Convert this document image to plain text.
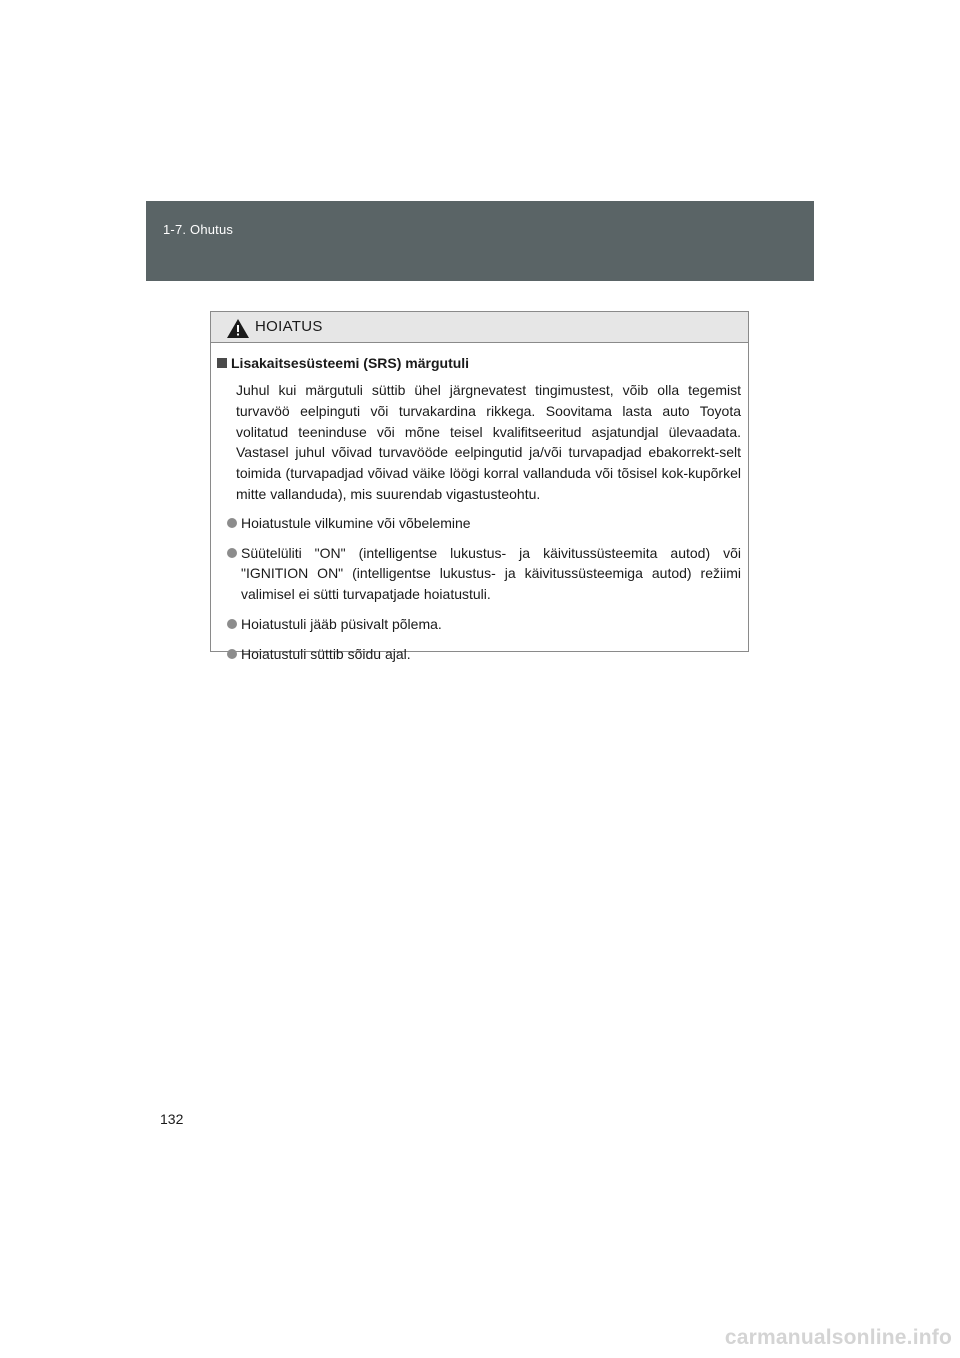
1-7. Ohutus
HOIATUS
Lisakaitsesüsteemi (SRS) märgutuli

Juhul kui märgutuli süttib ühel järgnevatest tingimustest, võib olla tegemist turvavöö eelpinguti või turvakardina rikkega. Soovitama lasta auto Toyota volitatud teeninduse või mõne teisel kvalifitseeritud asjatundjal ülevaadata. Vastasel juhul võivad turvavööde eelpingutid ja/või turvapadjad ebakorrekt-selt toimida (turvapadjad võivad väike löögi korral vallanduda või tõsisel kok-kupõrkel mitte vallanduda), mis suurendab vigastusteohtu.

Hoiatustule vilkumine või võbelemine
Süütelüliti "ON" (intelligentse lukustus- ja käivitussüsteemita autod) või "IGNITION ON" (intelligentse lukustus- ja käivitussüsteemiga autod) režiimi valimisel ei sütti turvapatjade hoiatustuli.
Hoiatustuli jääb püsivalt põlema.
Hoiatustuli süttib sõidu ajal.
132
carmanualsonline.info
